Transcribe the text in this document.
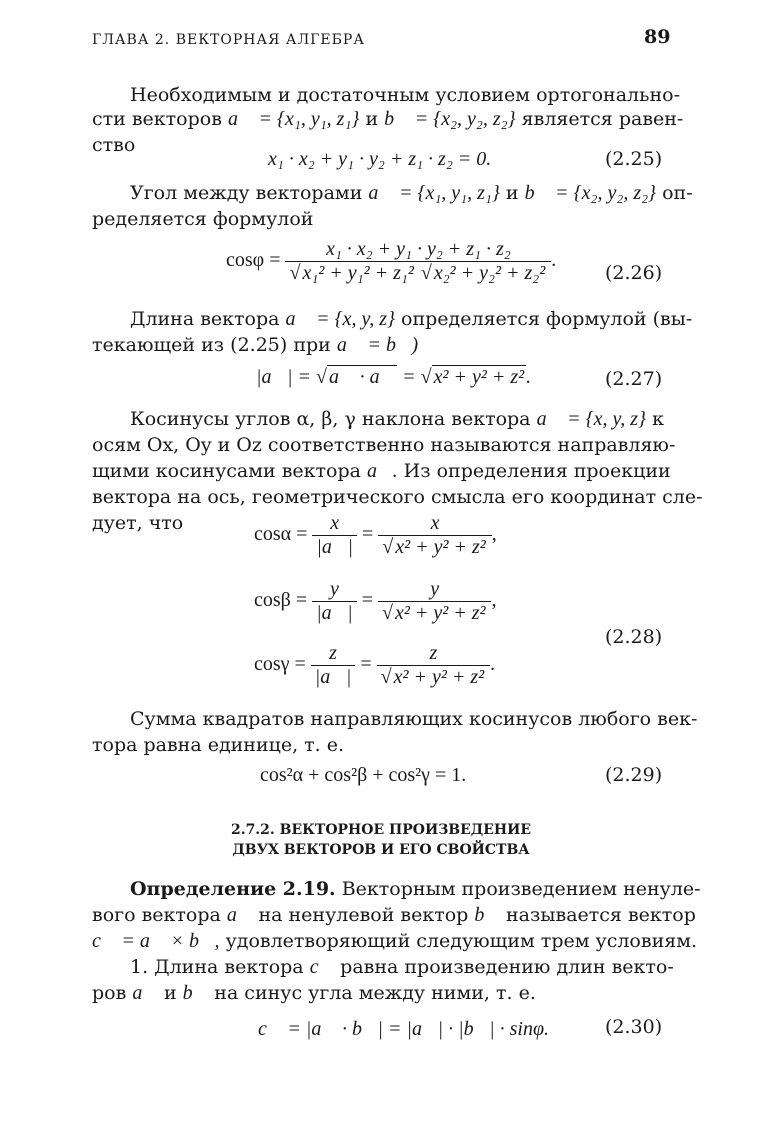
ГЛАВА 2. ВЕКТОРНАЯ АЛГЕБРА	89
Необходимым и достаточным условием ортогонально-
сти векторов a⃗ = {x₁, y₁, z₁} и b⃗ = {x₂, y₂, z₂} является равен-
ство
x₁ · x₂ + y₁ · y₂ + z₁ · z₂ = 0.	(2.25)
Угол между векторами a⃗ = {x₁, y₁, z₁} и b⃗ = {x₂, y₂, z₂} оп-
ределяется формулой
$\cos\varphi = \frac{\text{x₁ · x₂ + y₁ · y₂ + z₁ · z₂}}{\text{√ x₁² + y₁² + z₁² √ x₂² + y₂² + z₂²}}$ .
(2.26)
Длина вектора a⃗ = {x, y, z} определяется формулой (вы-
текающей из (2.25) при a⃗ = b⃗)
|a⃗| = √ a⃗ · a⃗ = √ x² + y² + z² .	(2.27)
Косинусы углов α, β, γ наклона вектора a⃗ = {x, y, z} к
осям Ox, Oy и Oz соответственно называются направляю-
щими косинусами вектора a⃗. Из определения проекции
вектора на ось, геометрического смысла его координат сле-
дует, что
$\cos\alpha = \frac{x}{|a⃗|} = \frac{x}{\text{√ x² + y² + z²}}$ ,
$\cos\beta = \frac{y}{|a⃗|} = \frac{y}{\text{√ x² + y² + z²}}$ ,
$\cos\gamma = \frac{z}{|a⃗|} = \frac{z}{\text{√ x² + y² + z²}}$ .
(2.28)
Сумма квадратов направляющих косинусов любого век-
тора равна единице, т. е.
cos²α + cos²β + cos²γ = 1.	(2.29)
2.7.2. ВЕКТОРНОЕ ПРОИЗВЕДЕНИЕ
ДВУХ ВЕКТОРОВ И ЕГО СВОЙСТВА
Определение 2.19. Векторным произведением ненуле-
вого вектора a⃗ на ненулевой вектор b⃗ называется вектор
c⃗ = a⃗ × b⃗, удовлетворяющий следующим трем условиям.
1. Длина вектора c⃗ равна произведению длин векто-
ров a⃗ и b⃗ на синус угла между ними, т. е.
c⃗ = |a⃗ · b⃗| = |a⃗| · |b⃗| · sinφ.	(2.30)
